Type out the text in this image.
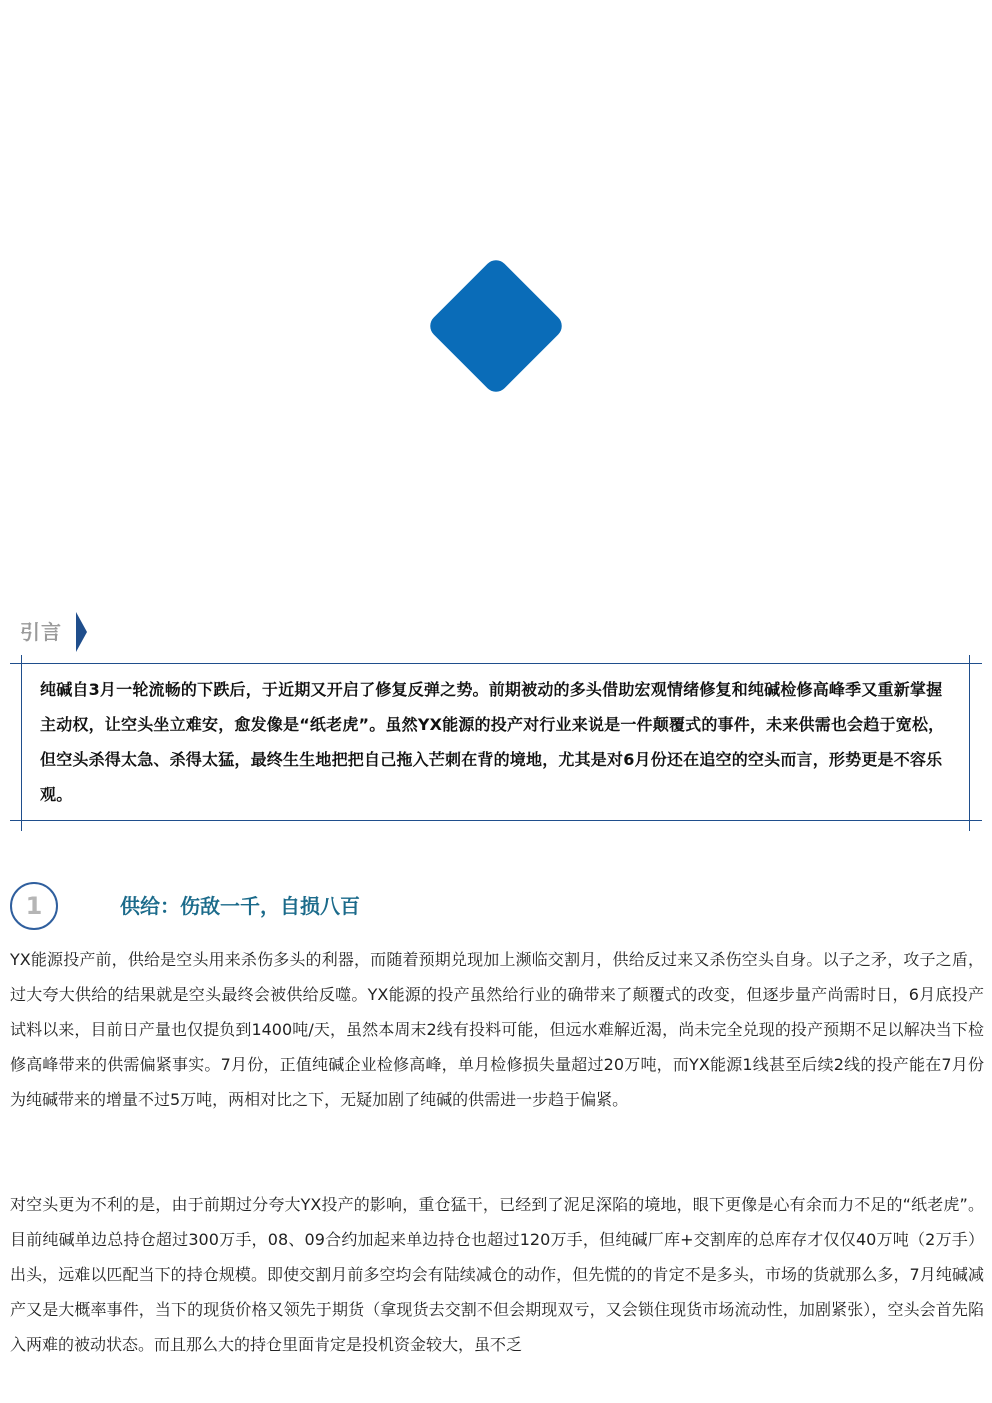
引言
纯碱自3月一轮流畅的下跌后，于近期又开启了修复反弹之势。前期被动的多头借助宏观情绪修复和纯碱检修高峰季又重新掌握主动权，让空头坐立难安，愈发像是“纸老虎”。虽然YX能源的投产对行业来说是一件颠覆式的事件，未来供需也会趋于宽松，但空头杀得太急、杀得太猛，最终生生地把把自己拖入芒刺在背的境地，尤其是对6月份还在追空的空头而言，形势更是不容乐观。
1	供给：伤敌一千，自损八百
YX能源投产前，供给是空头用来杀伤多头的利器，而随着预期兑现加上濒临交割月，供给反过来又杀伤空头自身。以子之矛，攻子之盾，过大夸大供给的结果就是空头最终会被供给反噬。YX能源的投产虽然给行业的确带来了颠覆式的改变，但逐步量产尚需时日，6月底投产试料以来，目前日产量也仅提负到1400吨/天，虽然本周末2线有投料可能，但远水难解近渴，尚未完全兑现的投产预期不足以解决当下检修高峰带来的供需偏紧事实。7月份，正值纯碱企业检修高峰，单月检修损失量超过20万吨，而YX能源1线甚至后续2线的投产能在7月份为纯碱带来的增量不过5万吨，两相对比之下，无疑加剧了纯碱的供需进一步趋于偏紧。
对空头更为不利的是，由于前期过分夸大YX投产的影响，重仓猛干，已经到了泥足深陷的境地，眼下更像是心有余而力不足的“纸老虎”。目前纯碱单边总持仓超过300万手，08、09合约加起来单边持仓也超过120万手，但纯碱厂库+交割库的总库存才仅仅40万吨（2万手）出头，远难以匹配当下的持仓规模。即使交割月前多空均会有陆续减仓的动作，但先慌的的肯定不是多头，市场的货就那么多，7月纯碱减产又是大概率事件，当下的现货价格又领先于期货（拿现货去交割不但会期现双亏，又会锁住现货市场流动性，加剧紧张），空头会首先陷入两难的被动状态。而且那么大的持仓里面肯定是投机资金较大，虽不乏
